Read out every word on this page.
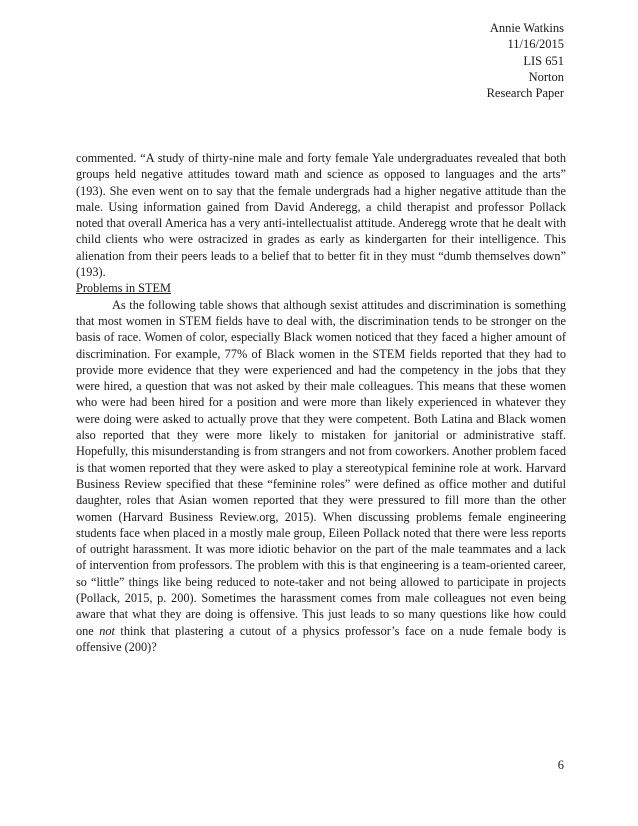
Annie Watkins
11/16/2015
LIS 651
Norton
Research Paper

commented. “A study of thirty-nine male and forty female Yale undergraduates revealed that both groups held negative attitudes toward math and science as opposed to languages and the arts” (193). She even went on to say that the female undergrads had a higher negative attitude than the male. Using information gained from David Anderegg, a child therapist and professor Pollack noted that overall America has a very anti-intellectualist attitude. Anderegg wrote that he dealt with child clients who were ostracized in grades as early as kindergarten for their intelligence. This alienation from their peers leads to a belief that to better fit in they must “dumb themselves down” (193).

Problems in STEM

As the following table shows that although sexist attitudes and discrimination is something that most women in STEM fields have to deal with, the discrimination tends to be stronger on the basis of race. Women of color, especially Black women noticed that they faced a higher amount of discrimination. For example, 77% of Black women in the STEM fields reported that they had to provide more evidence that they were experienced and had the competency in the jobs that they were hired, a question that was not asked by their male colleagues. This means that these women who were had been hired for a position and were more than likely experienced in whatever they were doing were asked to actually prove that they were competent. Both Latina and Black women also reported that they were more likely to mistaken for janitorial or administrative staff. Hopefully, this misunderstanding is from strangers and not from coworkers. Another problem faced is that women reported that they were asked to play a stereotypical feminine role at work. Harvard Business Review specified that these “feminine roles” were defined as office mother and dutiful daughter, roles that Asian women reported that they were pressured to fill more than the other women (Harvard Business Review.org, 2015). When discussing problems female engineering students face when placed in a mostly male group, Eileen Pollack noted that there were less reports of outright harassment. It was more idiotic behavior on the part of the male teammates and a lack of intervention from professors. The problem with this is that engineering is a team-oriented career, so “little” things like being reduced to note-taker and not being allowed to participate in projects (Pollack, 2015, p. 200). Sometimes the harassment comes from male colleagues not even being aware that what they are doing is offensive. This just leads to so many questions like how could one not think that plastering a cutout of a physics professor’s face on a nude female body is offensive (200)?

6
